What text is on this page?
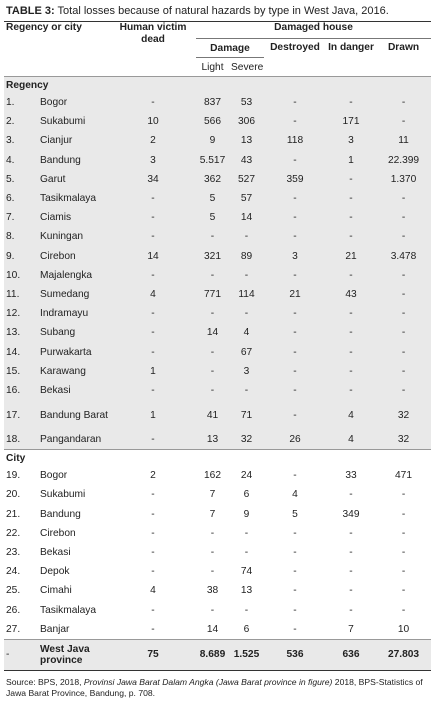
TABLE 3: Total losses because of natural hazards by type in West Java, 2016.
Regency or city		Human victim dead	Damaged house				
			Damage		Destroyed	In danger	Drawn
			Light	Severe			
Regency							
1.	Bogor	-	837	53	-	-	-
2.	Sukabumi	10	566	306	-	171	-
3.	Cianjur	2	9	13	118	3	11
4.	Bandung	3	5.517	43	-	1	22.399
5.	Garut	34	362	527	359	-	1.370
6.	Tasikmalaya	-	5	57	-	-	-
7.	Ciamis	-	5	14	-	-	-
8.	Kuningan	-	-	-	-	-	-
9.	Cirebon	14	321	89	3	21	3.478
10.	Majalengka	-	-	-	-	-	-
11.	Sumedang	4	771	114	21	43	-
12.	Indramayu	-	-	-	-	-	-
13.	Subang	-	14	4	-	-	-
14.	Purwakarta	-	-	67	-	-	-
15.	Karawang	1	-	3	-	-	-
16.	Bekasi	-	-	-	-	-	-
17.	Bandung Barat	1	41	71	-	4	32
18.	Pangandaran	-	13	32	26	4	32
City							
19.	Bogor	2	162	24	-	33	471
20.	Sukabumi	-	7	6	4	-	-
21.	Bandung	-	7	9	5	349	-
22.	Cirebon	-	-	-	-	-	-
23.	Bekasi	-	-	-	-	-	-
24.	Depok	-	-	74	-	-	-
25.	Cimahi	4	38	13	-	-	-
26.	Tasikmalaya	-	-	-	-	-	-
27.	Banjar	-	14	6	-	7	10
-	West Java province	75	8.689	1.525	536	636	27.803
Source: BPS, 2018, Provinsi Jawa Barat Dalam Angka (Jawa Barat province in figure) 2018, BPS-Statistics of Jawa Barat Province, Bandung, p. 708.
